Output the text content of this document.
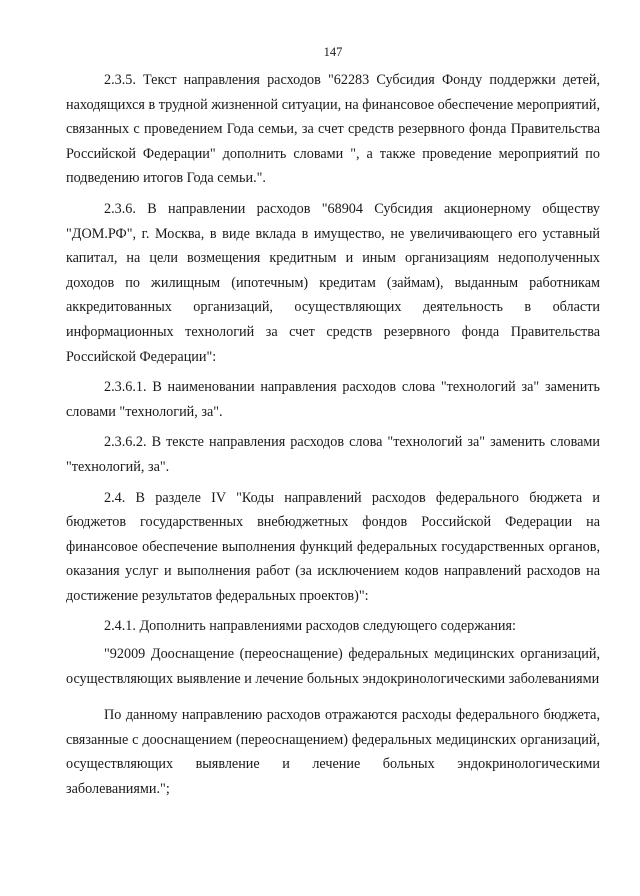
147

2.3.5. Текст направления расходов "62283 Субсидия Фонду поддержки детей, находящихся в трудной жизненной ситуации, на финансовое обеспечение мероприятий, связанных с проведением Года семьи, за счет средств резервного фонда Правительства Российской Федерации" дополнить словами ", а также проведение мероприятий по подведению итогов Года семьи.".

2.3.6. В направлении расходов "68904 Субсидия акционерному обществу "ДОМ.РФ", г. Москва, в виде вклада в имущество, не увеличивающего его уставный капитал, на цели возмещения кредитным и иным организациям недополученных доходов по жилищным (ипотечным) кредитам (займам), выданным работникам аккредитованных организаций, осуществляющих деятельность в области информационных технологий за счет средств резервного фонда Правительства Российской Федерации":

2.3.6.1. В наименовании направления расходов слова "технологий за" заменить словами "технологий, за".

2.3.6.2. В тексте направления расходов слова "технологий за" заменить словами "технологий, за".

2.4. В разделе IV "Коды направлений расходов федерального бюджета и бюджетов государственных внебюджетных фондов Российской Федерации на финансовое обеспечение выполнения функций федеральных государственных органов, оказания услуг и выполнения работ (за исключением кодов направлений расходов на достижение результатов федеральных проектов)":

2.4.1. Дополнить направлениями расходов следующего содержания:

"92009 Дооснащение (переоснащение) федеральных медицинских организаций, осуществляющих выявление и лечение больных эндокринологическими заболеваниями

По данному направлению расходов отражаются расходы федерального бюджета, связанные с дооснащением (переоснащением) федеральных медицинских организаций, осуществляющих выявление и лечение больных эндокринологическими заболеваниями.";
